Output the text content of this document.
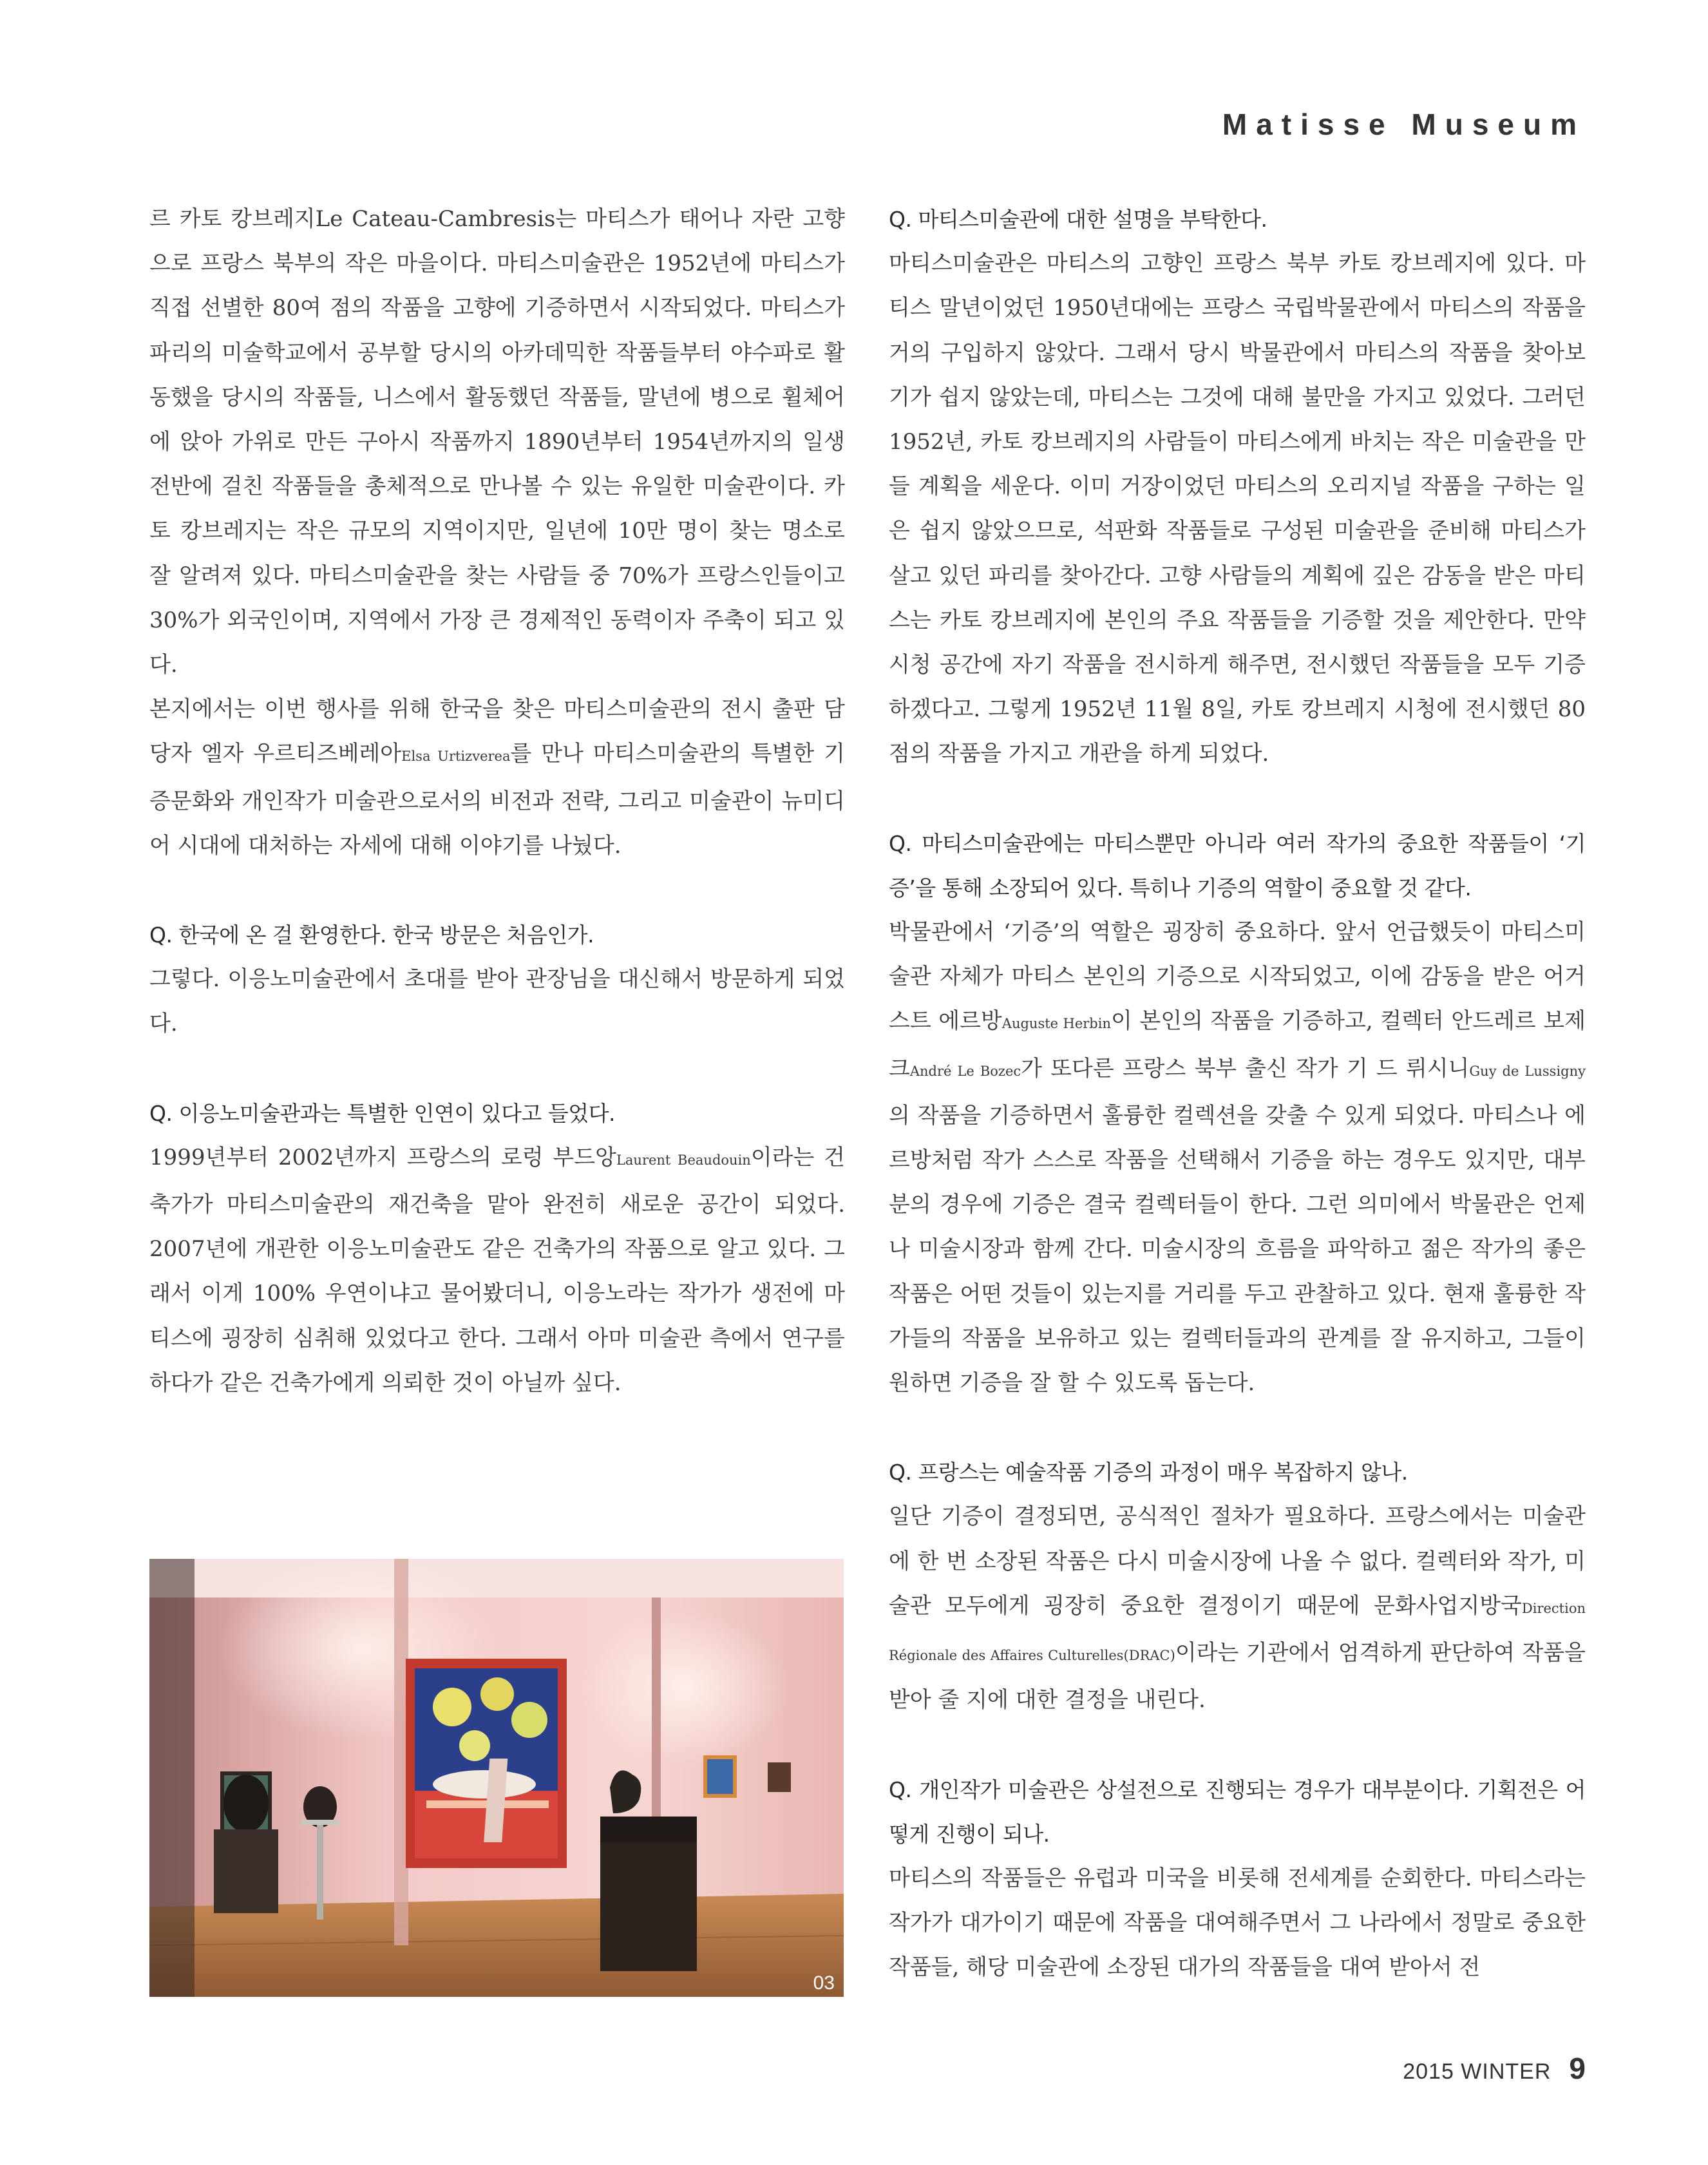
Matisse Museum

르 카토 캉브레지Le Cateau-Cambresis는 마티스가 태어나 자란 고향으로 프랑스 북부의 작은 마을이다. 마티스미술관은 1952년에 마티스가 직접 선별한 80여 점의 작품을 고향에 기증하면서 시작되었다. 마티스가 파리의 미술학교에서 공부할 당시의 아카데믹한 작품들부터 야수파로 활동했을 당시의 작품들, 니스에서 활동했던 작품들, 말년에 병으로 휠체어에 앉아 가위로 만든 구아시 작품까지 1890년부터 1954년까지의 일생 전반에 걸친 작품들을 총체적으로 만나볼 수 있는 유일한 미술관이다. 카토 캉브레지는 작은 규모의 지역이지만, 일년에 10만 명이 찾는 명소로 잘 알려져 있다. 마티스미술관을 찾는 사람들 중 70%가 프랑스인들이고 30%가 외국인이며, 지역에서 가장 큰 경제적인 동력이자 주축이 되고 있다.

본지에서는 이번 행사를 위해 한국을 찾은 마티스미술관의 전시 출판 담당자 엘자 우르티즈베레아Elsa Urtizverea를 만나 마티스미술관의 특별한 기증문화와 개인작가 미술관으로서의 비전과 전략, 그리고 미술관이 뉴미디어 시대에 대처하는 자세에 대해 이야기를 나눴다.

Q. 한국에 온 걸 환영한다. 한국 방문은 처음인가.

그렇다. 이응노미술관에서 초대를 받아 관장님을 대신해서 방문하게 되었다.

Q. 이응노미술관과는 특별한 인연이 있다고 들었다.

1999년부터 2002년까지 프랑스의 로렁 부드앙Laurent Beaudouin이라는 건축가가 마티스미술관의 재건축을 맡아 완전히 새로운 공간이 되었다. 2007년에 개관한 이응노미술관도 같은 건축가의 작품으로 알고 있다. 그래서 이게 100% 우연이냐고 물어봤더니, 이응노라는 작가가 생전에 마티스에 굉장히 심취해 있었다고 한다. 그래서 아마 미술관 측에서 연구를 하다가 같은 건축가에게 의뢰한 것이 아닐까 싶다.

Q. 마티스미술관에 대한 설명을 부탁한다.

마티스미술관은 마티스의 고향인 프랑스 북부 카토 캉브레지에 있다. 마티스 말년이었던 1950년대에는 프랑스 국립박물관에서 마티스의 작품을 거의 구입하지 않았다. 그래서 당시 박물관에서 마티스의 작품을 찾아보기가 쉽지 않았는데, 마티스는 그것에 대해 불만을 가지고 있었다. 그러던 1952년, 카토 캉브레지의 사람들이 마티스에게 바치는 작은 미술관을 만들 계획을 세운다. 이미 거장이었던 마티스의 오리지널 작품을 구하는 일은 쉽지 않았으므로, 석판화 작품들로 구성된 미술관을 준비해 마티스가 살고 있던 파리를 찾아간다. 고향 사람들의 계획에 깊은 감동을 받은 마티스는 카토 캉브레지에 본인의 주요 작품들을 기증할 것을 제안한다. 만약 시청 공간에 자기 작품을 전시하게 해주면, 전시했던 작품들을 모두 기증하겠다고. 그렇게 1952년 11월 8일, 카토 캉브레지 시청에 전시했던 80점의 작품을 가지고 개관을 하게 되었다.

Q. 마티스미술관에는 마티스뿐만 아니라 여러 작가의 중요한 작품들이 ‘기증’을 통해 소장되어 있다. 특히나 기증의 역할이 중요할 것 같다.

박물관에서 ‘기증’의 역할은 굉장히 중요하다. 앞서 언급했듯이 마티스미술관 자체가 마티스 본인의 기증으로 시작되었고, 이에 감동을 받은 어거스트 에르방Auguste Herbin이 본인의 작품을 기증하고, 컬렉터 안드레르 보제크André Le Bozec가 또다른 프랑스 북부 출신 작가 기 드 뤼시니Guy de Lussigny의 작품을 기증하면서 훌륭한 컬렉션을 갖출 수 있게 되었다. 마티스나 에르방처럼 작가 스스로 작품을 선택해서 기증을 하는 경우도 있지만, 대부분의 경우에 기증은 결국 컬렉터들이 한다. 그런 의미에서 박물관은 언제나 미술시장과 함께 간다. 미술시장의 흐름을 파악하고 젊은 작가의 좋은 작품은 어떤 것들이 있는지를 거리를 두고 관찰하고 있다. 현재 훌륭한 작가들의 작품을 보유하고 있는 컬렉터들과의 관계를 잘 유지하고, 그들이 원하면 기증을 잘 할 수 있도록 돕는다.

Q. 프랑스는 예술작품 기증의 과정이 매우 복잡하지 않나.

일단 기증이 결정되면, 공식적인 절차가 필요하다. 프랑스에서는 미술관에 한 번 소장된 작품은 다시 미술시장에 나올 수 없다. 컬렉터와 작가, 미술관 모두에게 굉장히 중요한 결정이기 때문에 문화사업지방국Direction Régionale des Affaires Culturelles(DRAC)이라는 기관에서 엄격하게 판단하여 작품을 받아 줄 지에 대한 결정을 내린다.

Q. 개인작가 미술관은 상설전으로 진행되는 경우가 대부분이다. 기획전은 어떻게 진행이 되나.

마티스의 작품들은 유럽과 미국을 비롯해 전세계를 순회한다. 마티스라는 작가가 대가이기 때문에 작품을 대여해주면서 그 나라에서 정말로 중요한 작품들, 해당 미술관에 소장된 대가의 작품들을 대여 받아서 전

03
2015 WINTER 9
